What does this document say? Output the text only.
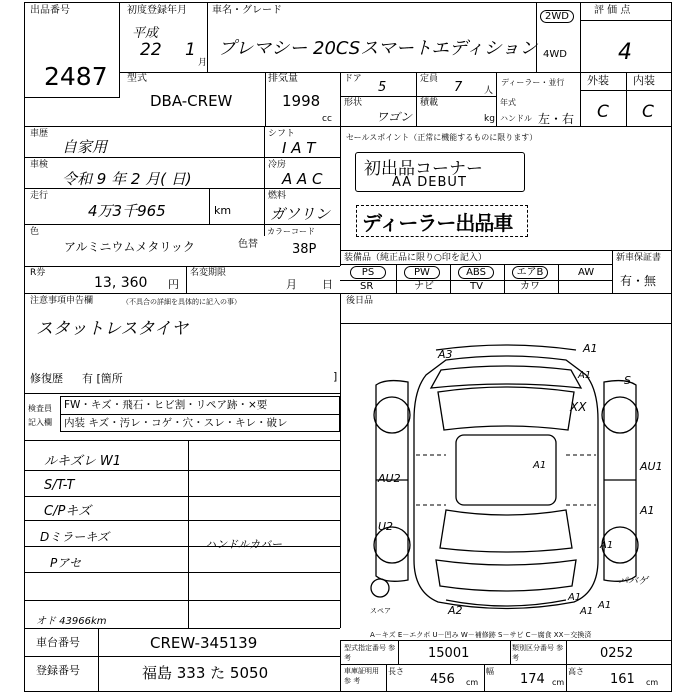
出品番号
2487
初度登録年月
平成
22 1
月
車名・グレード
プレマシー 20CSスマートエディション
2WD
4WD
評 価 点
4
外装 内装
C C
型式
DBA-CREW
排気量
1998
cc
ドア
5
定員
7 人
ディーラー・並行
形状
ワゴン
積載
kg
年式
ハンドル 左・右
車歴
自家用
シフト
I A T
車検
令和 9 年 2 月( 日)
冷房
A A C
走行
4万3千965	km
燃料
ガソリン
色
アルミニウムメタリック	色替
カラーコード
38P
R券
13, 360 円
名変期限
月 日
セールスポイント（正常に機能するものに限ります）
初出品コーナー
AA DEBUT
ディーラー出品車
装備品（純正品に限り○印を記入）	新車保証書
有・無
PS	PW	ABS	エアB	AW
SR	ナビ	TV	カワ
後日品
注意事項申告欄	（不具合の詳細を具体的に記入の事）
スタットレスタイヤ
修復歴 有 [箇所	]
検査員
記入欄
FW・キズ・飛石・ヒビ割・リペア跡・×要
内装 キズ・汚レ・コゲ・穴・スレ・キレ・破レ
ルキズレ W1
S/T-T
C/Pキズ
Dミラーキズ
Pアセ
ハンドルカバー
オド 43966km
A3	A1
A1	S
XX
A1	AU1
AU2
A1
U2
A1
A1
A1
パバゲ
A2	A1
スペア
A－キズ E－エクボ U－凹み W－補修跡 S－サビ C－腐食 XX－交換済
車台番号	CREW-345139
登録番号	福島 333 た 5050
型式指定番号 参 考	15001	類別区分番号 参 考	0252
車庫証明用 参 考
長さ
456 cm
幅
174 cm
高さ
161 cm
